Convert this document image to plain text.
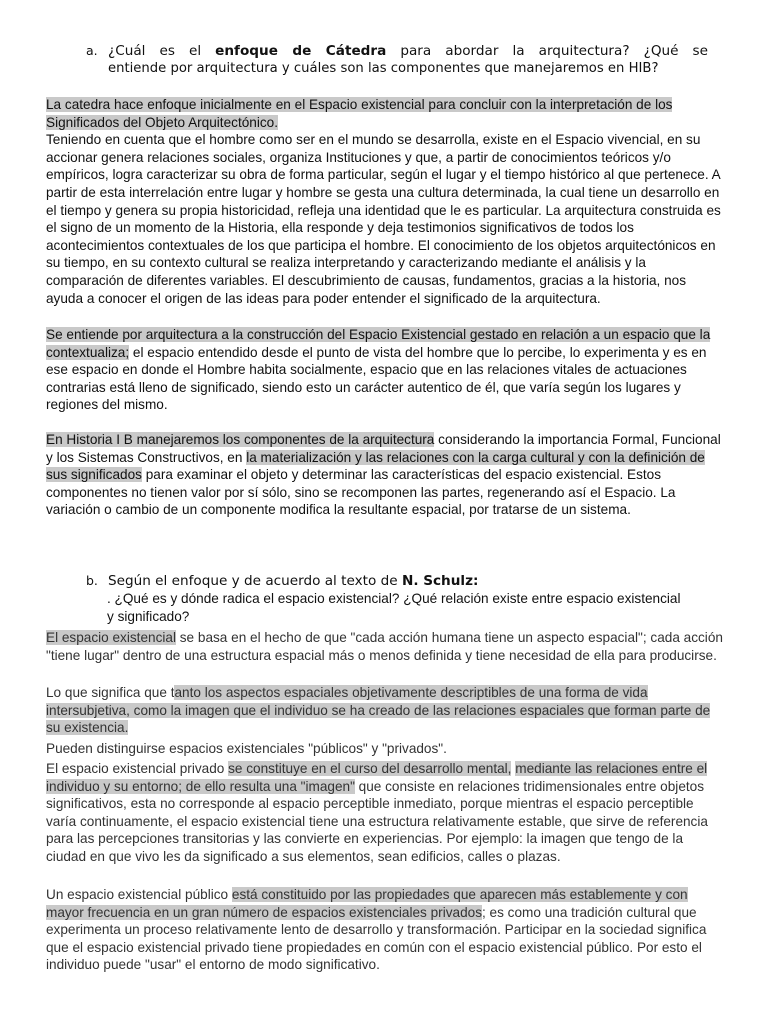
a. ¿Cuál es el enfoque de Cátedra para abordar la arquitectura? ¿Qué se
entiende por arquitectura y cuáles son las componentes que manejaremos en HIB?

La catedra hace enfoque inicialmente en el Espacio existencial para concluir con la interpretación de los Significados del Objeto Arquitectónico.
Teniendo en cuenta que el hombre como ser en el mundo se desarrolla, existe en el Espacio vivencial, en su accionar genera relaciones sociales, organiza Instituciones y que, a partir de conocimientos teóricos y/o empíricos, logra caracterizar su obra de forma particular, según el lugar y el tiempo histórico al que pertenece. A partir de esta interrelación entre lugar y hombre se gesta una cultura determinada, la cual tiene un desarrollo en el tiempo y genera su propia historicidad, refleja una identidad que le es particular. La arquitectura construida es el signo de un momento de la Historia, ella responde y deja testimonios significativos de todos los acontecimientos contextuales de los que participa el hombre. El conocimiento de los objetos arquitectónicos en su tiempo, en su contexto cultural se realiza interpretando y caracterizando mediante el análisis y la comparación de diferentes variables. El descubrimiento de causas, fundamentos, gracias a la historia, nos ayuda a conocer el origen de las ideas para poder entender el significado de la arquitectura.

Se entiende por arquitectura a la construcción del Espacio Existencial gestado en relación a un espacio que la contextualiza; el espacio entendido desde el punto de vista del hombre que lo percibe, lo experimenta y es en ese espacio en donde el Hombre habita socialmente, espacio que en las relaciones vitales de actuaciones contrarias está lleno de significado, siendo esto un carácter autentico de él, que varía según los lugares y regiones del mismo.

En Historia I B manejaremos los componentes de la arquitectura considerando la importancia Formal, Funcional y los Sistemas Constructivos, en la materialización y las relaciones con la carga cultural y con la definición de sus significados para examinar el objeto y determinar las características del espacio existencial. Estos componentes no tienen valor por sí sólo, sino se recomponen las partes, regenerando así el Espacio. La variación o cambio de un componente modifica la resultante espacial, por tratarse de un sistema.

b. Según el enfoque y de acuerdo al texto de N. Schulz:
. ¿Qué es y dónde radica el espacio existencial? ¿Qué relación existe entre espacio existencial
y significado?

El espacio existencial se basa en el hecho de que "cada acción humana tiene un aspecto espacial"; cada acción "tiene lugar" dentro de una estructura espacial más o menos definida y tiene necesidad de ella para producirse.

Lo que significa que tanto los aspectos espaciales objetivamente descriptibles de una forma de vida intersubjetiva, como la imagen que el individuo se ha creado de las relaciones espaciales que forman parte de su existencia.

Pueden distinguirse espacios existenciales "públicos" y "privados".

El espacio existencial privado se constituye en el curso del desarrollo mental, mediante las relaciones entre el individuo y su entorno; de ello resulta una "imagen" que consiste en relaciones tridimensionales entre objetos significativos, esta no corresponde al espacio perceptible inmediato, porque mientras el espacio perceptible varía continuamente, el espacio existencial tiene una estructura relativamente estable, que sirve de referencia para las percepciones transitorias y las convierte en experiencias. Por ejemplo: la imagen que tengo de la ciudad en que vivo les da significado a sus elementos, sean edificios, calles o plazas.

Un espacio existencial público está constituido por las propiedades que aparecen más establemente y con mayor frecuencia en un gran número de espacios existenciales privados; es como una tradición cultural que experimenta un proceso relativamente lento de desarrollo y transformación. Participar en la sociedad significa que el espacio existencial privado tiene propiedades en común con el espacio existencial público. Por esto el individuo puede "usar" el entorno de modo significativo.
